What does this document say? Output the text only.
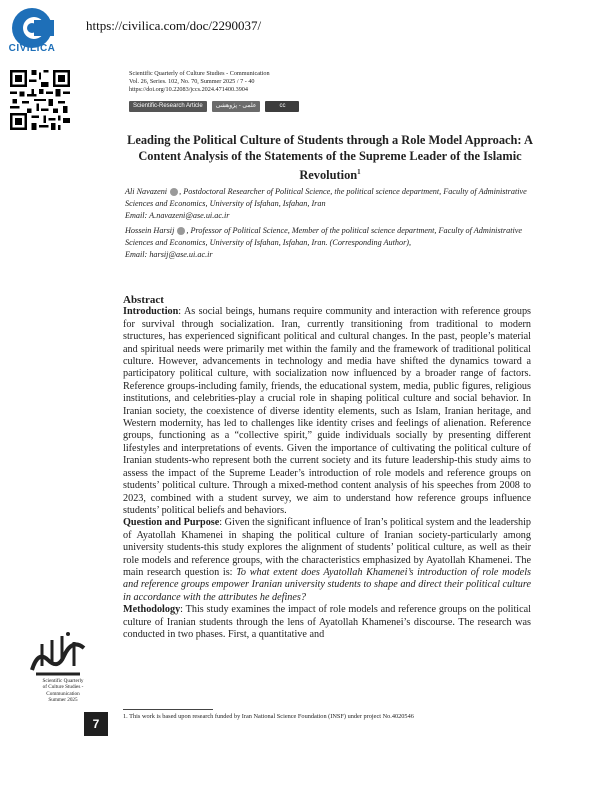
CIVILICA
https://civilica.com/doc/2290037/
Scientific Quarterly of Culture Studies - Communication
Vol. 26, Series. 102, No. 70, Summer 2025 / 7 - 40
https://doi.org/10.22083/jccs.2024.471400.3904
Scientific-Research Article	علمی - پژوهشی	cc
Leading the Political Culture of Students through a Role Model Approach: A Content Analysis of the Statements of the Supreme Leader of the Islamic Revolution$^1$

Ali Navazeni , Postdoctoral Researcher of Political Science, the political science department, Faculty of Administrative Sciences and Economics, University of Isfahan, Isfahan, Iran
Email: A.navazeni@ase.ui.ac.ir

Hossein Harsij , Professor of Political Science, Member of the political science department, Faculty of Administrative Sciences and Economics, University of Isfahan, Isfahan, Iran. (Corresponding Author),
Email: harsij@ase.ui.ac.ir

Abstract

Introduction: As social beings, humans require community and interaction with reference groups for survival through socialization. Iran, currently transitioning from traditional to modern structures, has experienced significant political and cultural changes. In the past, people’s material and spiritual needs were primarily met within the family and the framework of traditional political culture. However, advancements in technology and media have shifted the dynamics toward a participatory political culture, with socialization now influenced by a broader range of factors. Reference groups-including family, friends, the educational system, media, public figures, religious institutions, and celebrities-play a crucial role in shaping political culture and social behavior. In Iranian society, the coexistence of diverse identity elements, such as Islam, Iranian heritage, and Western modernity, has led to challenges like identity crises and feelings of alienation. Reference groups, functioning as a “collective spirit,” guide individuals socially by presenting different lifestyles and interpretations of events. Given the importance of cultivating the political culture of Iranian students-who represent both the current society and its future leadership-this study aims to assess the impact of the Supreme Leader’s introduction of role models and reference groups on students’ political culture. Through a mixed-method content analysis of his speeches from 2008 to 2023, combined with a student survey, we aim to understand how reference groups influence students’ political beliefs and behaviors.

Question and Purpose: Given the significant influence of Iran’s political system and the leadership of Ayatollah Khamenei in shaping the political culture of Iranian society-particularly among university students-this study explores the alignment of students’ political culture, as well as their role models and reference groups, with the characteristics emphasized by Ayatollah Khamenei. The main research question is: To what extent does Ayatollah Khamenei’s introduction of role models and reference groups empower Iranian university students to shape and direct their political culture in accordance with the attributes he defines?

Methodology: This study examines the impact of role models and reference groups on the political culture of Iranian students through the lens of Ayatollah Khamenei’s discourse. The research was conducted in two phases. First, a quantitative and

1. This work is based upon research funded by Iran National Science Foundation (INSF) under project No.4020546
Scientific Quarterly
of Culture Studies -
Communication
Summer 2025
7
